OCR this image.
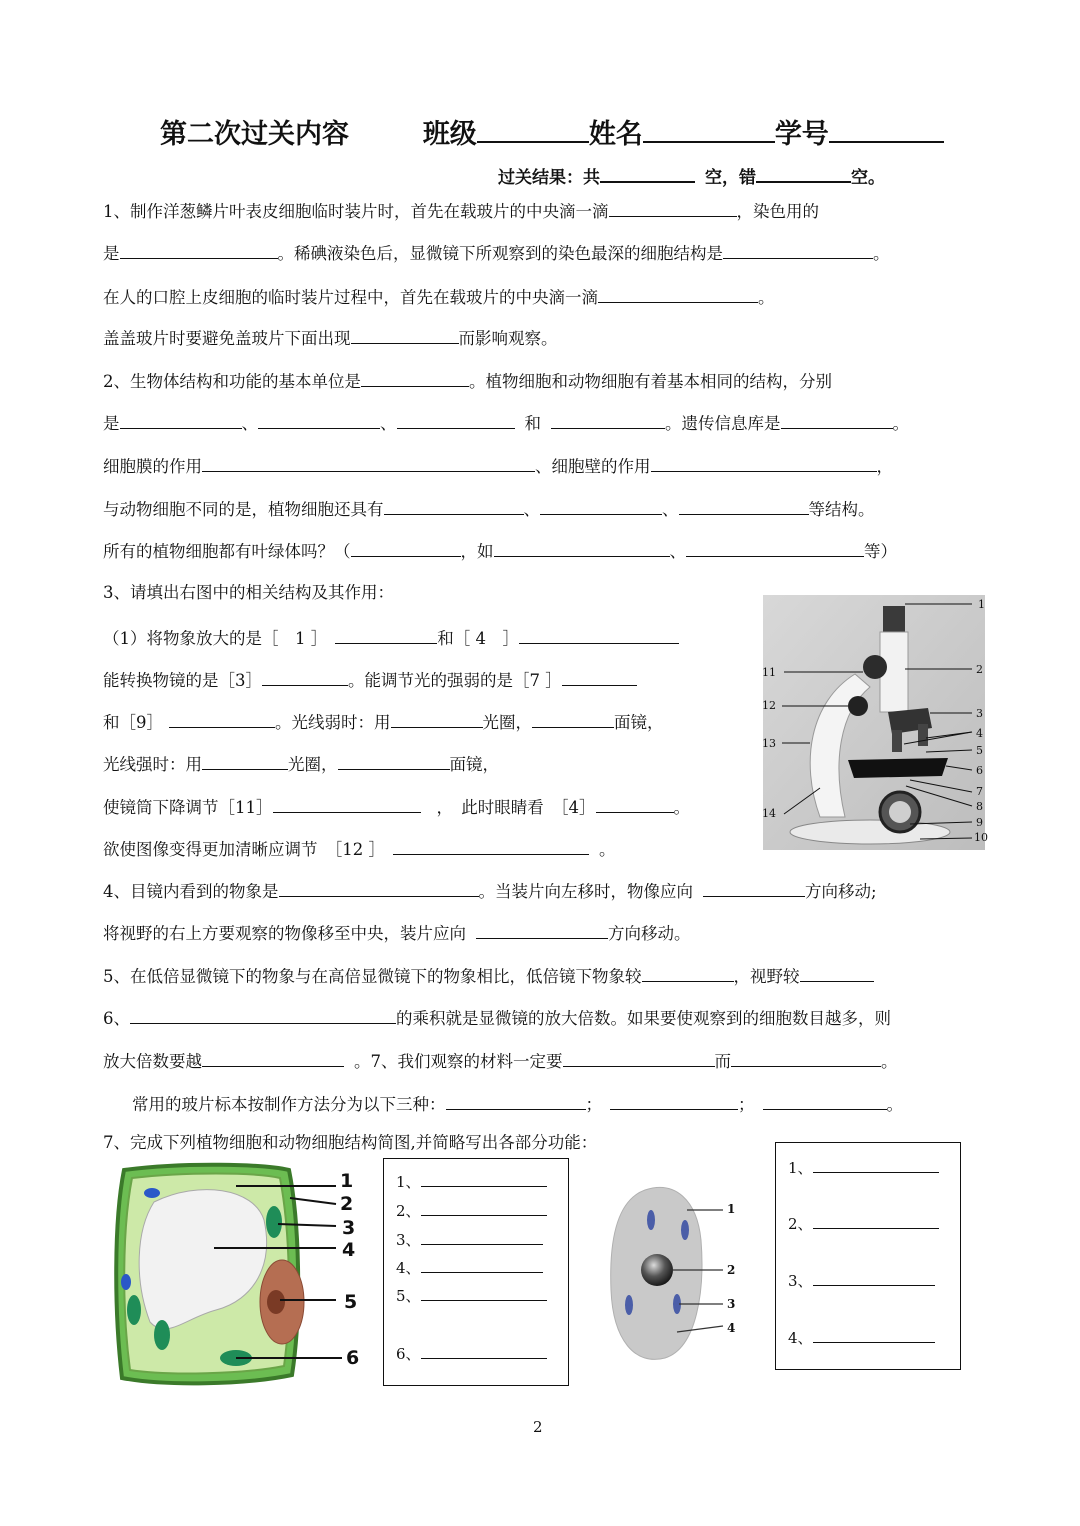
第二次过关内容	班级	姓名	学号
过关结果：共	空，错	空。
1、制作洋葱鳞片叶表皮细胞临时装片时，首先在载玻片的中央滴一滴	，染色用的
是	。稀碘液染色后，显微镜下所观察到的染色最深的细胞结构是	。
在人的口腔上皮细胞的临时装片过程中，首先在载玻片的中央滴一滴	。
盖盖玻片时要避免盖玻片下面出现	而影响观察。
2、生物体结构和功能的基本单位是	。植物细胞和动物细胞有着基本相同的结构，分别
是	、	、	和	。遗传信息库是	。
细胞膜的作用	、细胞壁的作用	，
与动物细胞不同的是，植物细胞还具有	、	、	等结构。
所有的植物细胞都有叶绿体吗？（	，如	、	等）
3、请填出右图中的相关结构及其作用：
（1）将物象放大的是［　1 ］	和［ 4　］
能转换物镜的是［3］	。能调节光的强弱的是［7 ］
和［9］	。光线弱时：用	光圈，	面镜，
光线强时：用	光圈，	面镜，
使镜筒下降调节［11］	，　此时眼睛看　［4］	。
欲使图像变得更加清晰应调节　［12 ］	。
1
2
3
4
5
6
7
8
9
10
11
12
13
14
4、目镜内看到的物象是	。当装片向左移时，物像应向	方向移动;
将视野的右上方要观察的物像移至中央，装片应向	方向移动。
5、在低倍显微镜下的物象与在高倍显微镜下的物象相比，低倍镜下物象较	，视野较
6、	的乘积就是显微镜的放大倍数。如果要使观察到的细胞数目越多，则
放大倍数要越	。7、我们观察的材料一定要	而	。
常用的玻片标本按制作方法分为以下三种：	；	；	。
7、完成下列植物细胞和动物细胞结构简图,并简略写出各部分功能：
1
2
3
4
5
6
1、
2、
3、
4、
5、
6、
1
2
3
4
1、
2、
3、
4、
2
